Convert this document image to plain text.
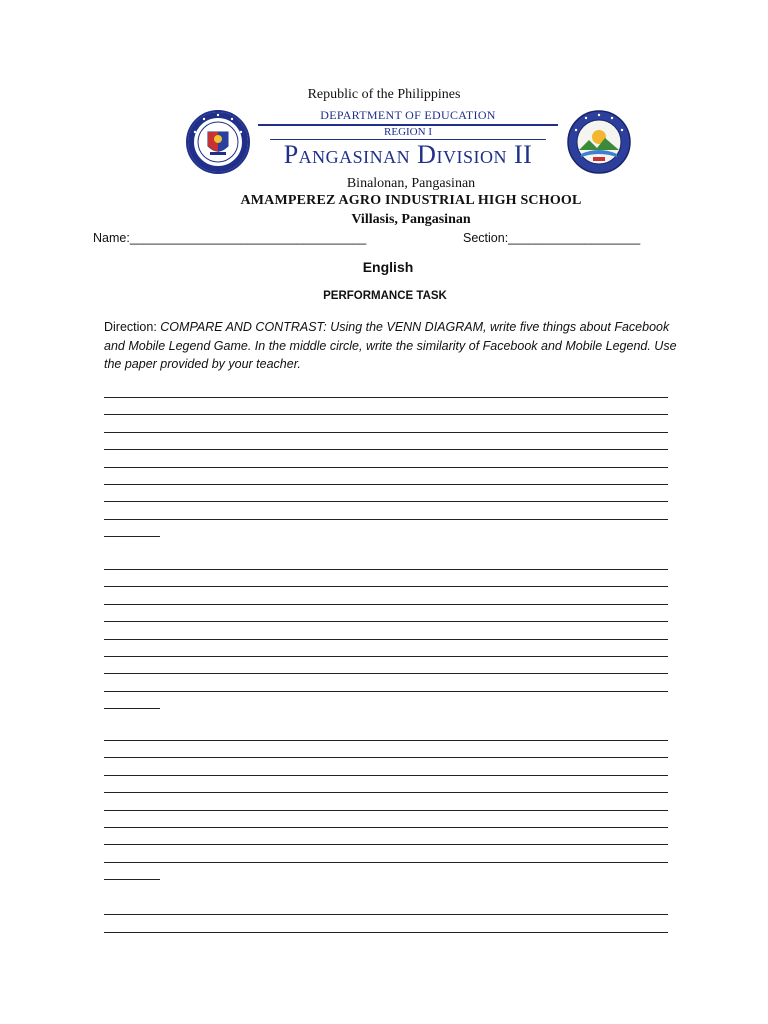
Republic of the Philippines
DEPARTMENT OF EDUCATION
REGION I
Pangasinan Division II
Binalonan, Pangasinan
AMAMPEREZ AGRO INDUSTRIAL HIGH SCHOOL
Villasis, Pangasinan
Name:__________________________________	Section:___________________
English
PERFORMANCE TASK
Direction: COMPARE AND CONTRAST: Using the VENN DIAGRAM, write five things about Facebook and Mobile Legend Game. In the middle circle, write the similarity of Facebook and Mobile Legend. Use the paper provided by your teacher.
